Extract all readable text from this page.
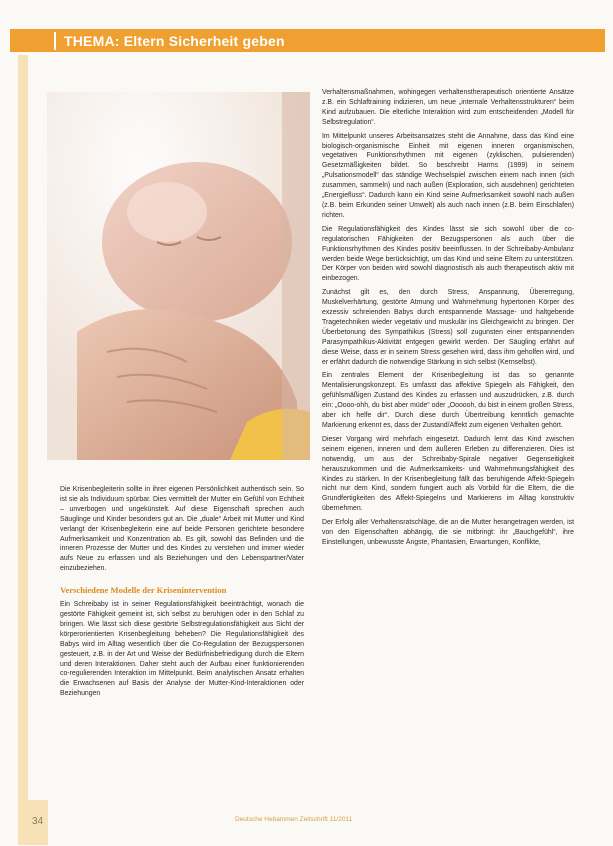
THEMA: Eltern Sicherheit geben

Die Krisenbegleiterin sollte in ihrer eigenen Persönlichkeit authentisch sein. So ist sie als Individuum spürbar. Dies vermittelt der Mutter ein Gefühl von Echtheit – unverbogen und ungekünstelt. Auf diese Eigenschaft sprechen auch Säuglinge und Kinder besonders gut an. Die „duale“ Arbeit mit Mutter und Kind verlangt der Krisenbegleiterin eine auf beide Personen gerichtete besondere Aufmerksamkeit und Konzentration ab. Es gilt, sowohl das Befinden und die inneren Prozesse der Mutter und des Kindes zu verstehen und immer wieder aufs Neue zu erfassen und als Beziehungen und den Lebenspartner/Vater einzubeziehen.

Verschiedene Modelle der Krisenintervention

Ein Schreibaby ist in seiner Regulationsfähigkeit beeinträchtigt, wonach die gestörte Fähigkeit gemeint ist, sich selbst zu beruhigen oder in den Schlaf zu bringen. Wie lässt sich diese gestörte Selbstregulationsfähigkeit aus Sicht der körperorientierten Krisenbegleitung beheben? Die Regulationsfähigkeit des Babys wird im Alltag wesentlich über die Co-Regulation der Bezugspersonen gesteuert, z.B. in der Art und Weise der Bedürfnisbefriedigung durch die Eltern und deren Interaktionen. Daher steht auch der Aufbau einer funktionierenden co-regulierenden Interaktion im Mittelpunkt. Beim analytischen Ansatz erhalten die Erwachsenen auf Basis der Analyse der Mutter-Kind-Interaktionen oder Beziehungen

Verhaltensmaßnahmen, wohingegen verhaltenstherapeutisch orientierte Ansätze z.B. ein Schlaftraining indizieren, um neue „internale Verhaltensstrukturen“ beim Kind aufzubauen. Die elterliche Interaktion wird zum entscheidenden „Modell für Selbstregulation“.

Im Mittelpunkt unseres Arbeitsansatzes steht die Annahme, dass das Kind eine biologisch-organismische Einheit mit eigenen inneren organismischen, vegetativen Funktionsrhythmen mit eigenen (zyklischen, pulsierenden) Gesetzmäßigkeiten bildet. So beschreibt Harms (1999) in seinem „Pulsationsmodell“ das ständige Wechselspiel zwischen einem nach innen (sich zusammen, sammeln) und nach außen (Exploration, sich ausdehnen) gerichteten „Energiefluss“. Dadurch kann ein Kind seine Aufmerksamkeit sowohl nach außen (z.B. beim Erkunden seiner Umwelt) als auch nach innen (z.B. beim Einschlafen) richten.

Die Regulationsfähigkeit des Kindes lässt sie sich sowohl über die co-regulatorischen Fähigkeiten der Bezugspersonen als auch über die Funktionsrhythmen des Kindes positiv beeinflussen. In der Schreibaby-Ambulanz werden beide Wege berücksichtigt, um das Kind und seine Eltern zu unterstützen. Der Körper von beiden wird sowohl diagnostisch als auch therapeutisch aktiv mit einbezogen.

Zunächst gilt es, den durch Stress, Anspannung, Übererregung, Muskelverhärtung, gestörte Atmung und Wahrnehmung hypertonen Körper des exzessiv schreienden Babys durch entspannende Massage- und haltgebende Tragetechniken wieder vegetativ und muskulär ins Gleichgewicht zu bringen. Der Überbetonung des Sympathikus (Stress) soll zugunsten einer entspannenden Parasympathikus-Aktivität entgegen gewirkt werden. Der Säugling erfährt auf diese Weise, dass er in seinem Stress gesehen wird, dass ihm geholfen wird, und er erfährt dadurch die notwendige Stärkung in sich selbst (Kernselbst).

Ein zentrales Element der Krisenbegleitung ist das so genannte Mentalisierungskonzept. Es umfasst das affektive Spiegeln als Fähigkeit, den gefühlsmäßigen Zustand des Kindes zu erfassen und auszudrücken, z.B. durch ein: „Oooo-ohh, du bist aber müde“ oder „Oooooh, du bist in einem großen Stress, aber ich helfe dir“. Durch diese durch Übertreibung kenntlich gemachte Markierung erkennt es, dass der Zustand/Affekt zum eigenen Verhalten gehört.

Dieser Vorgang wird mehrfach eingesetzt. Dadurch lernt das Kind zwischen seinem eigenen, inneren und dem äußeren Erleben zu differenzieren. Dies ist notwendig, um aus der Schreibaby-Spirale negativer Gegenseitigkeit herauszukommen und die Aufmerksamkeits- und Wahrnehmungsfähigkeit des Kindes zu stärken. In der Krisenbegleitung fällt das beruhigende Affekt-Spiegeln nicht nur dem Kind, sondern fungiert auch als Vorbild für die Eltern, die die Grundfertigkeiten des Affekt-Spiegelns und Markierens im Alltag konstruktiv übernehmen.

Der Erfolg aller Verhaltensratschläge, die an die Mutter herangetragen werden, ist von den Eigenschaften abhängig, die sie mitbringt: ihr „Bauchgefühl“, ihre Einstellungen, unbewusste Ängste, Phantasien, Erwartungen, Konflikte,

34	Deutsche Hebammen Zeitschrift 11/2011
